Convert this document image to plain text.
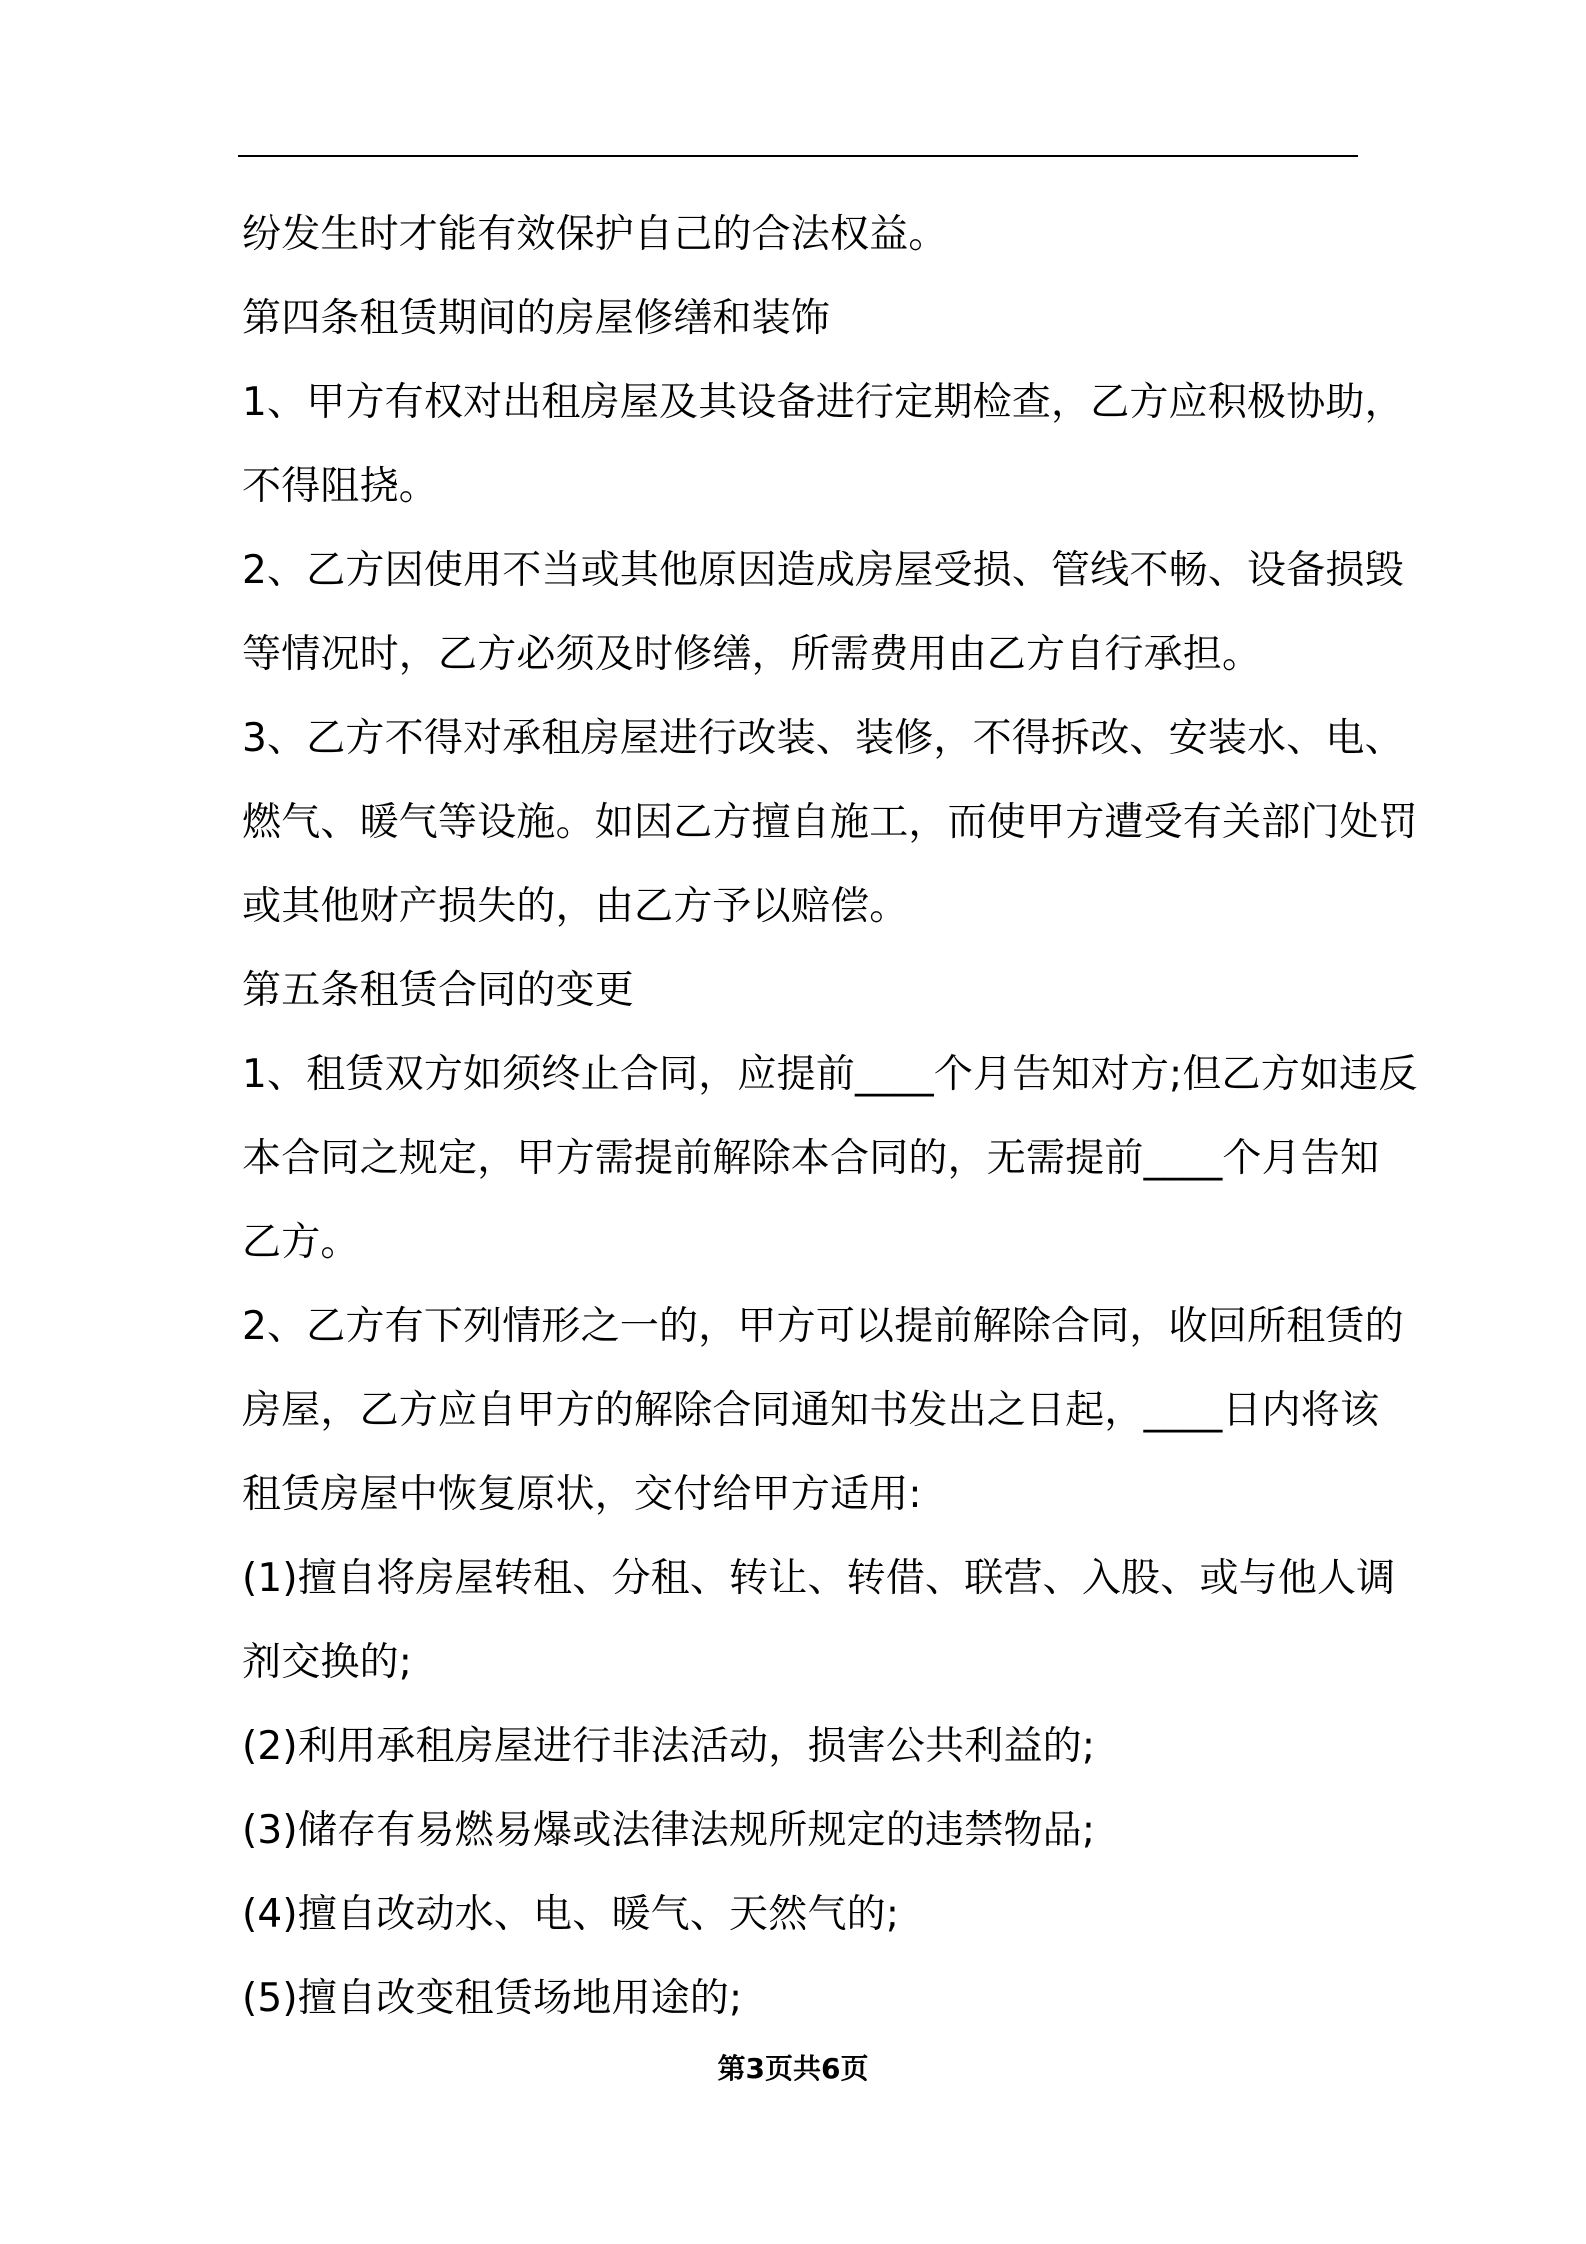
纷发生时才能有效保护自己的合法权益。
第四条租赁期间的房屋修缮和装饰
1、甲方有权对出租房屋及其设备进行定期检查，乙方应积极协助，
不得阻挠。
2、乙方因使用不当或其他原因造成房屋受损、管线不畅、设备损毁
等情况时，乙方必须及时修缮，所需费用由乙方自行承担。
3、乙方不得对承租房屋进行改装、装修，不得拆改、安装水、电、
燃气、暖气等设施。如因乙方擅自施工，而使甲方遭受有关部门处罚
或其他财产损失的，由乙方予以赔偿。
第五条租赁合同的变更
1、租赁双方如须终止合同，应提前____个月告知对方;但乙方如违反
本合同之规定，甲方需提前解除本合同的，无需提前____个月告知
乙方。
2、乙方有下列情形之一的，甲方可以提前解除合同，收回所租赁的
房屋，乙方应自甲方的解除合同通知书发出之日起，____日内将该
租赁房屋中恢复原状，交付给甲方适用:
(1)擅自将房屋转租、分租、转让、转借、联营、入股、或与他人调
剂交换的;
(2)利用承租房屋进行非法活动，损害公共利益的;
(3)储存有易燃易爆或法律法规所规定的违禁物品;
(4)擅自改动水、电、暖气、天然气的;
(5)擅自改变租赁场地用途的;
第3页共6页
